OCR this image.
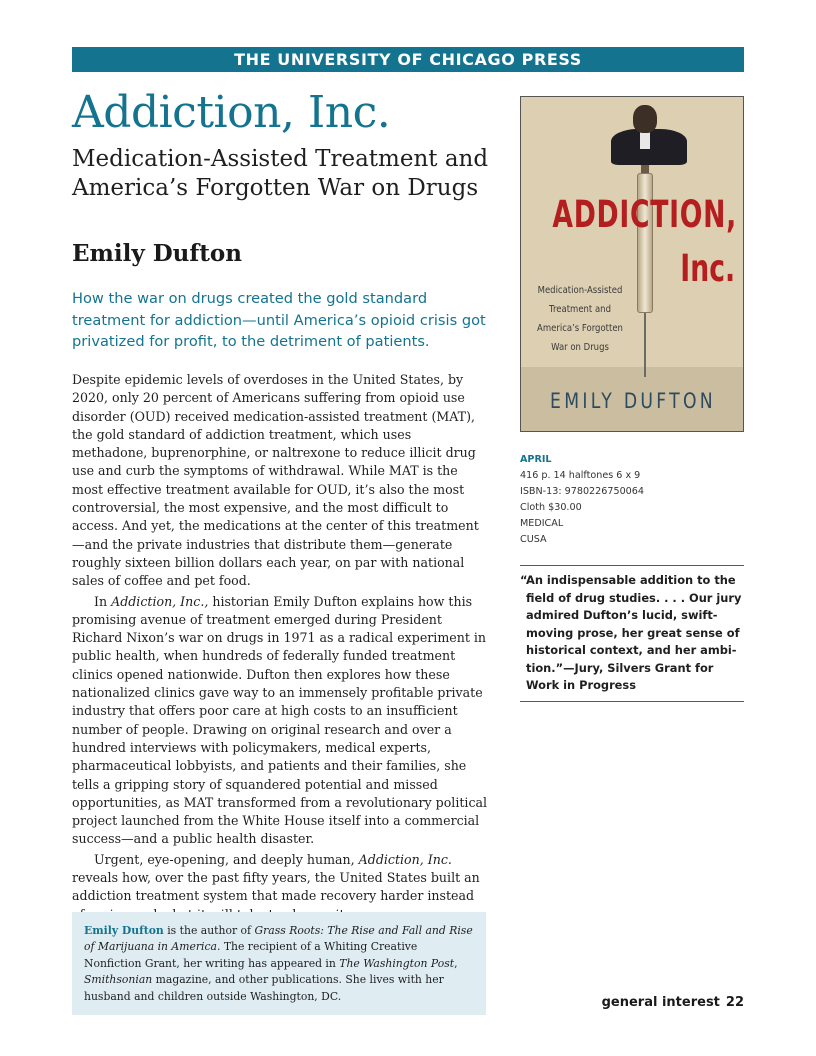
THE UNIVERSITY OF CHICAGO PRESS
Addiction, Inc.
Medication-Assisted Treatment and America’s Forgotten War on Drugs
Emily Dufton
How the war on drugs created the gold standard treatment for addiction—until America’s opioid crisis got privatized for profit, to the detriment of patients.

Despite epidemic levels of overdoses in the United States, by 2020, only 20 percent of Americans suffering from opioid use disorder (OUD) received medication-assisted treatment (MAT), the gold standard of addiction treatment, which uses methadone, buprenorphine, or naltrexone to reduce illicit drug use and curb the symptoms of withdrawal. While MAT is the most effective treatment available for OUD, it’s also the most controversial, the most expensive, and the most difficult to access. And yet, the medications at the center of this treatment—and the private industries that distribute them—generate roughly sixteen billion dollars each year, on par with national sales of coffee and pet food.

In Addiction, Inc., historian Emily Dufton explains how this promising avenue of treatment emerged during President Richard Nixon’s war on drugs in 1971 as a radical experiment in public health, when hundreds of federally funded treatment clinics opened nationwide. Dufton then explores how these nationalized clinics gave way to an immensely profitable private industry that offers poor care at high costs to an insufficient number of people. Drawing on original research and over a hundred interviews with policymakers, medical experts, pharmaceutical lobbyists, and patients and their families, she tells a gripping story of squandered potential and missed opportunities, as MAT transformed from a revolutionary political project launched from the White House itself into a commercial success—and a public health disaster.

Urgent, eye-opening, and deeply human, Addiction, Inc. reveals how, over the past fifty years, the United States built an addiction treatment system that made recovery harder instead

Emily Dufton is the author of Grass Roots: The Rise and Fall and Rise of Marijuana in America. The recipient of a Whiting Creative Nonfiction Grant, her writing has appeared in The Washington Post, Smithsonian magazine, and other publications. She lives with her husband and children outside Washington, DC.
ADDICTION,
Inc.
Medication-Assisted
Treatment and
America’s Forgotten
War on Drugs
EMILY DUFTON
APRIL
416 p. 14 halftones 6 x 9
ISBN-13: 9780226750064
Cloth $30.00
MEDICAL
CUSA
“An indispensable addition to the
field of drug studies. . . . Our jury
admired Dufton’s lucid, swift-
moving prose, her great sense of
historical context, and her ambi-
tion.”—Jury, Silvers Grant for
Work in Progress
general interest 22
